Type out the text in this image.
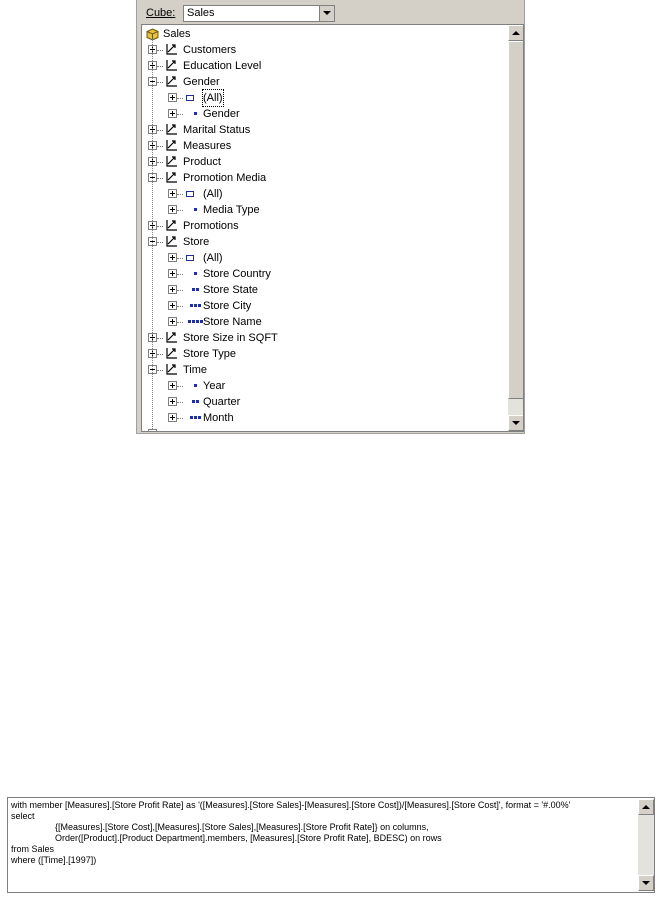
Cube: Sales
Sales
Customers
Education Level
Gender
(All)
Gender
Marital Status
Measures
Product
Promotion Media
(All)
Media Type
Promotions
Store
(All)
Store Country
Store State
Store City
Store Name
Store Size in SQFT
Store Type
Time
Year
Quarter
Month
with member [Measures].[Store Profit Rate] as '([Measures].[Store Sales]-[Measures].[Store Cost])/[Measures].[Store Cost]', format = '#.00%'
select
{[Measures].[Store Cost],[Measures].[Store Sales],[Measures].[Store Profit Rate]} on columns,
Order([Product].[Product Department].members, [Measures].[Store Profit Rate], BDESC) on rows
from Sales
where ([Time].[1997])
